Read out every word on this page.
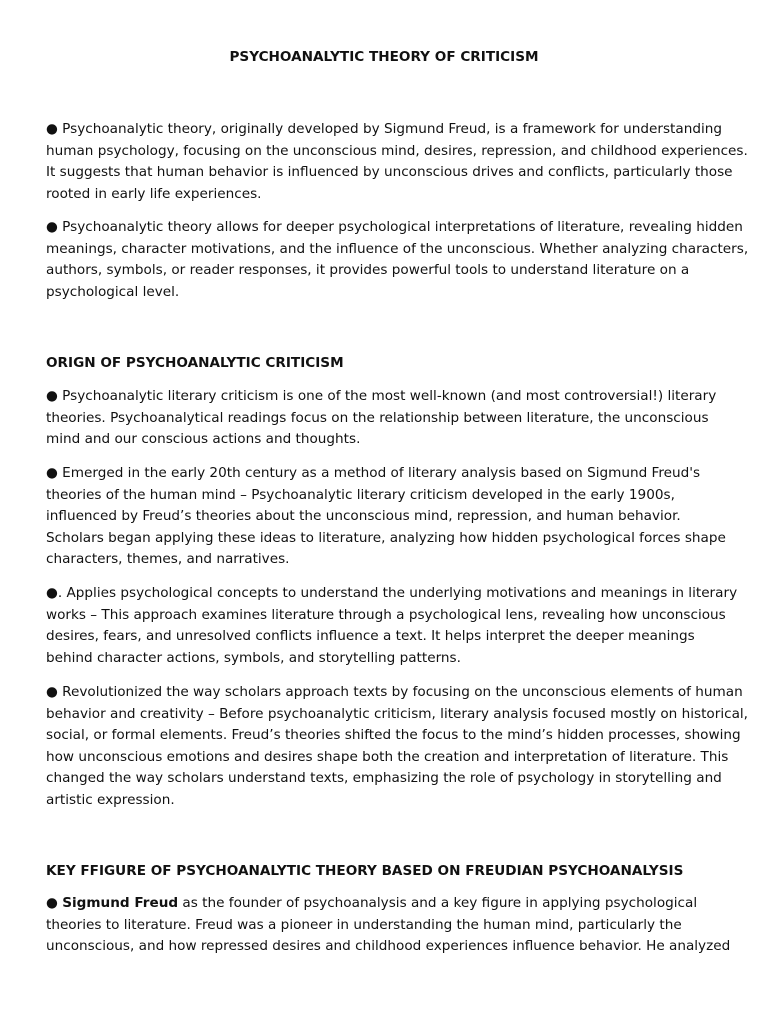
PSYCHOANALYTIC THEORY OF CRITICISM

● Psychoanalytic theory, originally developed by Sigmund Freud, is a framework for understanding
human psychology, focusing on the unconscious mind, desires, repression, and childhood experiences.
It suggests that human behavior is influenced by unconscious drives and conflicts, particularly those
rooted in early life experiences.

● Psychoanalytic theory allows for deeper psychological interpretations of literature, revealing hidden
meanings, character motivations, and the influence of the unconscious. Whether analyzing characters,
authors, symbols, or reader responses, it provides powerful tools to understand literature on a
psychological level.

ORIGN OF PSYCHOANALYTIC CRITICISM

● Psychoanalytic literary criticism is one of the most well-known (and most controversial!) literary
theories. Psychoanalytical readings focus on the relationship between literature, the unconscious
mind and our conscious actions and thoughts.

● Emerged in the early 20th century as a method of literary analysis based on Sigmund Freud's
theories of the human mind – Psychoanalytic literary criticism developed in the early 1900s,
influenced by Freud’s theories about the unconscious mind, repression, and human behavior.
Scholars began applying these ideas to literature, analyzing how hidden psychological forces shape
characters, themes, and narratives.

●. Applies psychological concepts to understand the underlying motivations and meanings in literary
works – This approach examines literature through a psychological lens, revealing how unconscious
desires, fears, and unresolved conflicts influence a text. It helps interpret the deeper meanings
behind character actions, symbols, and storytelling patterns.

● Revolutionized the way scholars approach texts by focusing on the unconscious elements of human
behavior and creativity – Before psychoanalytic criticism, literary analysis focused mostly on historical,
social, or formal elements. Freud’s theories shifted the focus to the mind’s hidden processes, showing
how unconscious emotions and desires shape both the creation and interpretation of literature. This
changed the way scholars understand texts, emphasizing the role of psychology in storytelling and
artistic expression.

KEY FFIGURE OF PSYCHOANALYTIC THEORY BASED ON FREUDIAN PSYCHOANALYSIS

● Sigmund Freud as the founder of psychoanalysis and a key figure in applying psychological
theories to literature. Freud was a pioneer in understanding the human mind, particularly the
unconscious, and how repressed desires and childhood experiences influence behavior. He analyzed
